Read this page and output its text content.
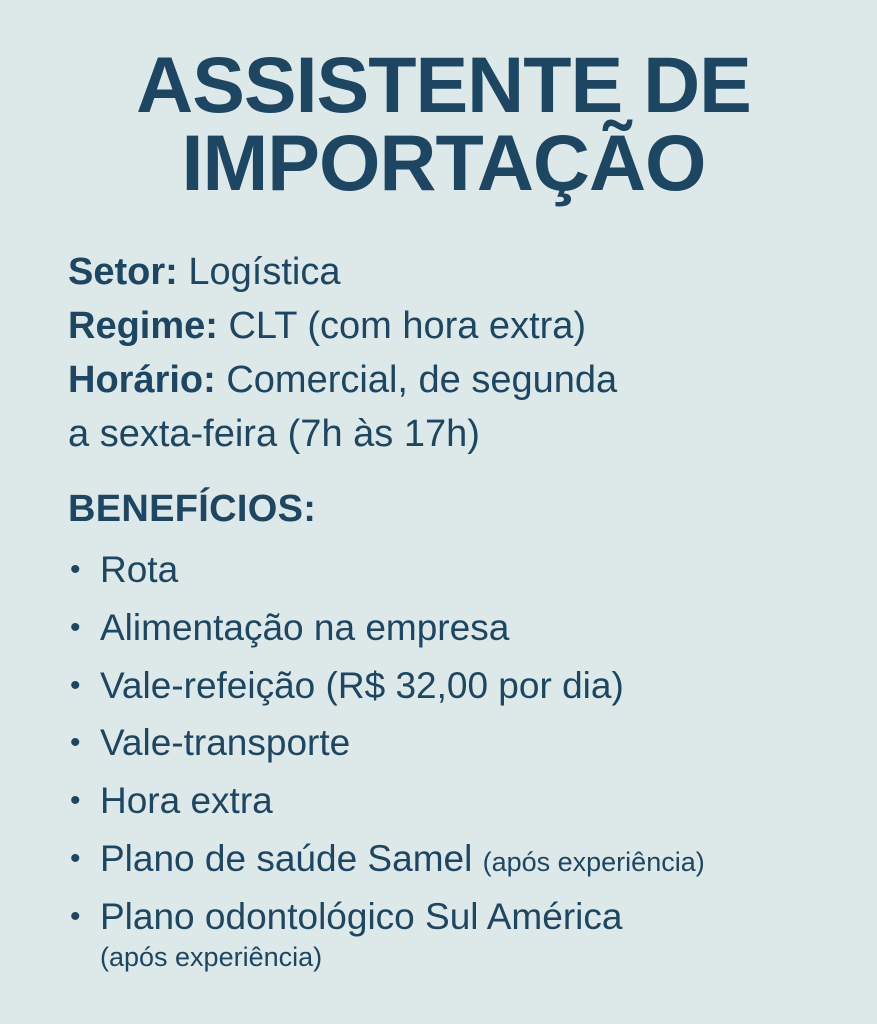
ASSISTENTE DE
IMPORTAÇÃO
Setor: Logística
Regime: CLT (com hora extra)
Horário: Comercial, de segunda
a sexta-feira (7h às 17h)
BENEFÍCIOS:
• Rota
• Alimentação na empresa
• Vale-refeição (R$ 32,00 por dia)
• Vale-transporte
• Hora extra
• Plano de saúde Samel (após experiência)
• Plano odontológico Sul América
(após experiência)
